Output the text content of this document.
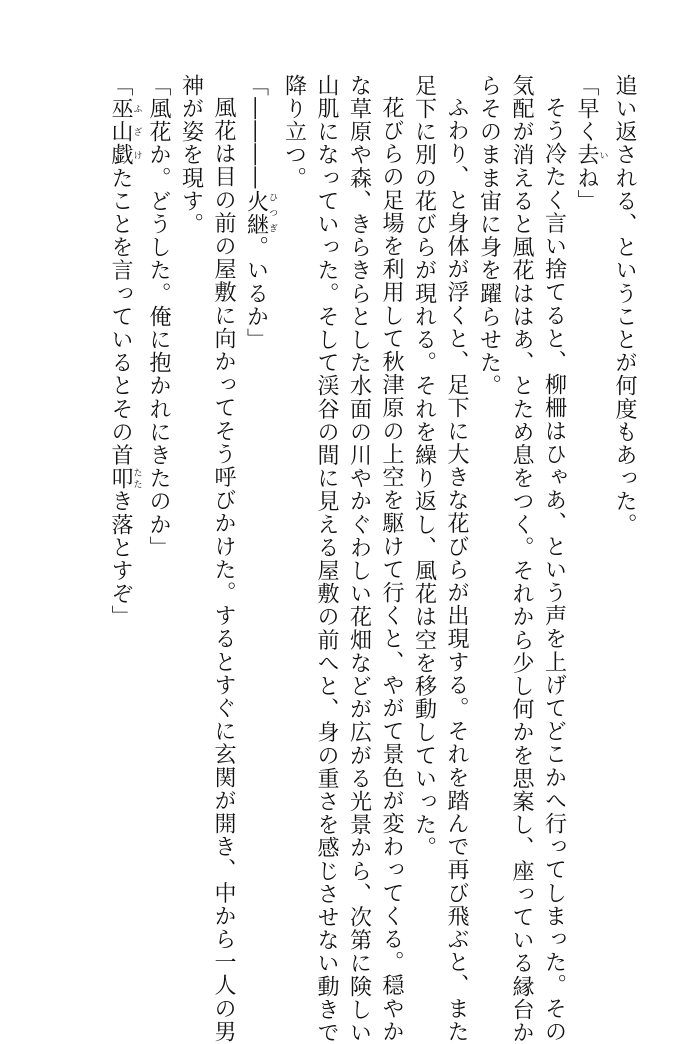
追い返される、ということが何度もあった。

「早く去いね」

そう冷たく言い捨てると、柳柵はひゃあ、という声を上げてどこかへ行ってしまった。その

気配が消えると風花ははあ、とため息をつく。それから少し何かを思案し、座っている縁台か

らそのまま宙に身を躍らせた。

ふわり、と身体が浮くと、足下に大きな花びらが出現する。それを踏んで再び飛ぶと、また

足下に別の花びらが現れる。それを繰り返し、風花は空を移動していった。

花びらの足場を利用して秋津原の上空を駆けて行くと、やがて景色が変わってくる。穏やか

な草原や森、きらきらとした水面の川やかぐわしい花畑などが広がる光景から、次第に険しい

山肌になっていった。そして渓谷の間に見える屋敷の前へと、身の重さを感じさせない動きで

降り立つ。

「――――火継ひつぎ。いるか」

風花は目の前の屋敷に向かってそう呼びかけた。するとすぐに玄関が開き、中から一人の男

神が姿を現す。

「風花か。どうした。俺に抱かれにきたのか」

「巫山戯ふざけたことを言っているとその首叩たたき落とすぞ」
